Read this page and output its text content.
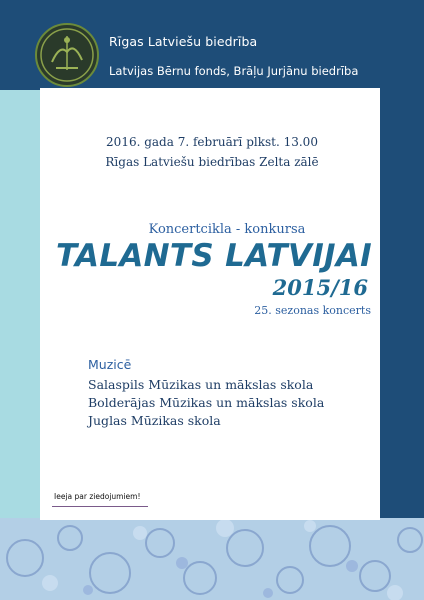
Rīgas Latviešu biedrība
Latvijas Bērnu fonds, Brāļu Jurjānu biedrība
2016. gada 7. februārī plkst. 13.00
Rīgas Latviešu biedrības Zelta zālē
Koncertcikla - konkursa
TALANTS LATVIJAI
2015/16
25. sezonas koncerts
Muzicē
Salaspils Mūzikas un mākslas skola
Bolderājas Mūzikas un mākslas skola
Juglas Mūzikas skola
Ieeja par ziedojumiem!
